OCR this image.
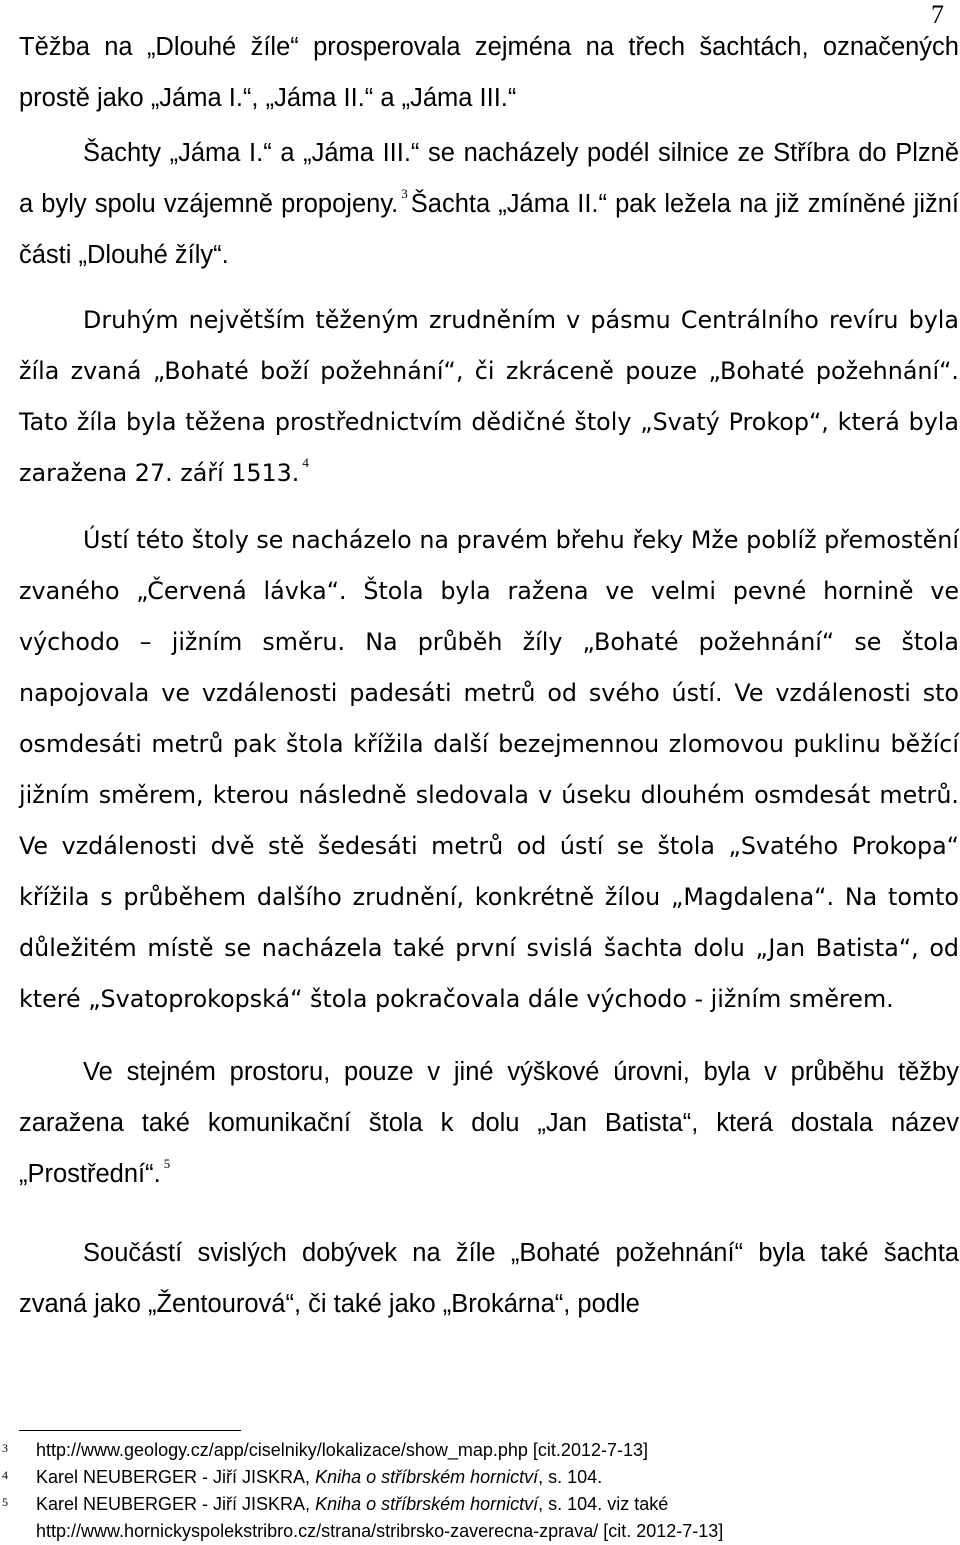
7

Těžba na „Dlouhé žíle“ prosperovala zejména na třech šachtách, označených prostě jako „Jáma I.“, „Jáma II.“ a „Jáma III.“

Šachty „Jáma I.“ a „Jáma III.“ se nacházely podél silnice ze Stříbra do Plzně a byly spolu vzájemně propojeny. $^3$ Šachta „Jáma II.“ pak ležela na již zmíněné jižní části „Dlouhé žíly“.

Druhým největším těženým zrudněním v pásmu Centrálního revíru byla žíla zvaná „Bohaté boží požehnání“, či zkráceně pouze „Bohaté požehnání“. Tato žíla byla těžena prostřednictvím dědičné štoly „Svatý Prokop“, která byla zaražena 27. září 1513. $^4$

Ústí této štoly se nacházelo na pravém břehu řeky Mže poblíž přemostění zvaného „Červená lávka“. Štola byla ražena ve velmi pevné hornině ve východo – jižním směru. Na průběh žíly „Bohaté požehnání“ se štola napojovala ve vzdálenosti padesáti metrů od svého ústí. Ve vzdálenosti sto osmdesáti metrů pak štola křížila další bezejmennou zlomovou puklinu běžící jižním směrem, kterou následně sledovala v úseku dlouhém osmdesát metrů. Ve vzdálenosti dvě stě šedesáti metrů od ústí se štola „Svatého Prokopa“ křížila s průběhem dalšího zrudnění, konkrétně žílou „Magdalena“. Na tomto důležitém místě se nacházela také první svislá šachta dolu „Jan Batista“, od které „Svatoprokopská“ štola pokračovala dále východo - jižním směrem.

Ve stejném prostoru, pouze v jiné výškové úrovni, byla v průběhu těžby zaražena také komunikační štola k dolu „Jan Batista“, která dostala název „Prostřední“. $^5$

Součástí svislých dobývek na žíle „Bohaté požehnání“ byla také šachta zvaná jako „Žentourová“, či také jako „Brokárna“, podle

3	http://www.geology.cz/app/ciselniky/lokalizace/show_map.php [cit.2012-7-13]
4	Karel NEUBERGER - Jiří JISKRA, Kniha o stříbrském hornictví, s. 104.
5	Karel NEUBERGER - Jiří JISKRA, Kniha o stříbrském hornictví, s. 104. viz také http://www.hornickyspolekstribro.cz/strana/stribrsko-zaverecna-zprava/ [cit. 2012-7-13]
